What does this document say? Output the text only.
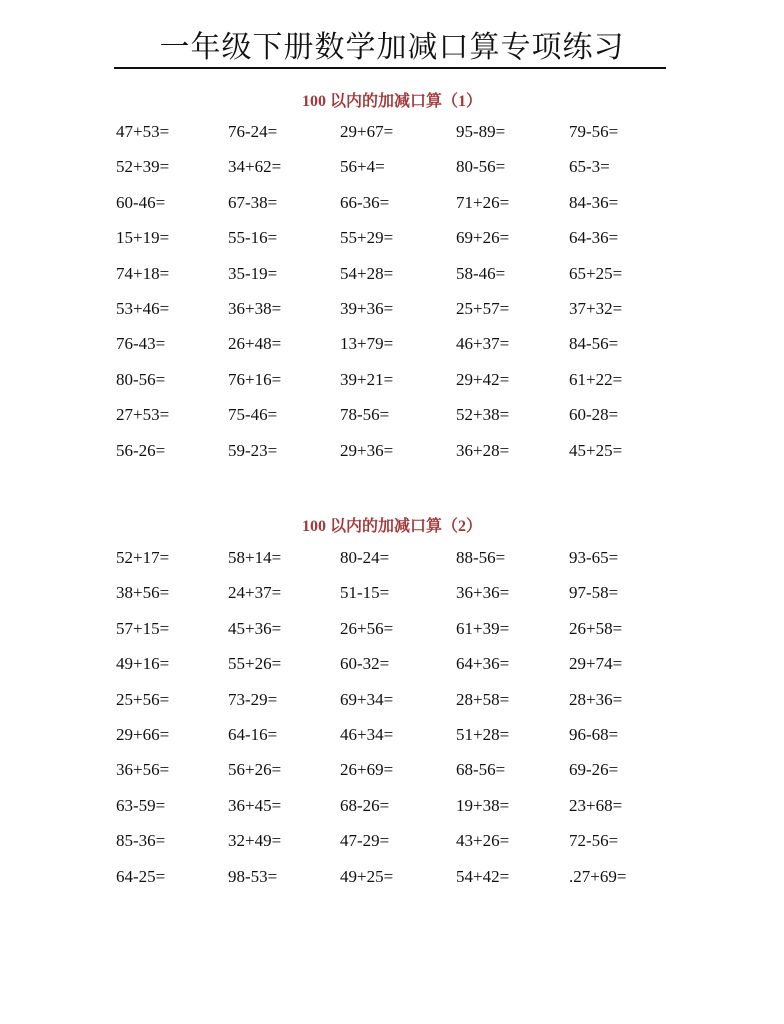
一年级下册数学加减口算专项练习
100 以内的加减口算（1）
47+53=	76-24=	29+67=	95-89=	79-56=
52+39=	34+62=	56+4=	80-56=	65-3=
60-46=	67-38=	66-36=	71+26=	84-36=
15+19=	55-16=	55+29=	69+26=	64-36=
74+18=	35-19=	54+28=	58-46=	65+25=
53+46=	36+38=	39+36=	25+57=	37+32=
76-43=	26+48=	13+79=	46+37=	84-56=
80-56=	76+16=	39+21=	29+42=	61+22=
27+53=	75-46=	78-56=	52+38=	60-28=
56-26=	59-23=	29+36=	36+28=	45+25=
100 以内的加减口算（2）
52+17=	58+14=	80-24=	88-56=	93-65=
38+56=	24+37=	51-15=	36+36=	97-58=
57+15=	45+36=	26+56=	61+39=	26+58=
49+16=	55+26=	60-32=	64+36=	29+74=
25+56=	73-29=	69+34=	28+58=	28+36=
29+66=	64-16=	46+34=	51+28=	96-68=
36+56=	56+26=	26+69=	68-56=	69-26=
63-59=	36+45=	68-26=	19+38=	23+68=
85-36=	32+49=	47-29=	43+26=	72-56=
64-25=	98-53=	49+25=	54+42=	.27+69=
